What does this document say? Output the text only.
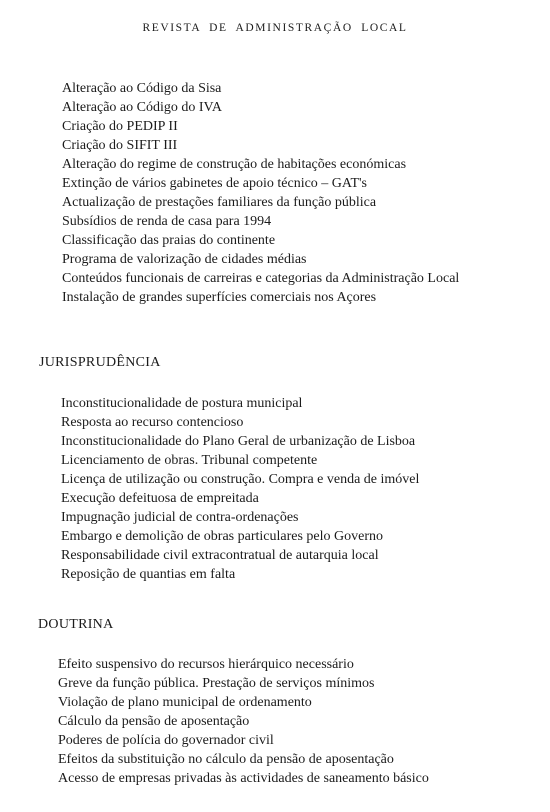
REVISTA DE ADMINISTRAÇÃO LOCAL
Alteração ao Código da Sisa
Alteração ao Código do IVA
Criação do PEDIP II
Criação do SIFIT III
Alteração do regime de construção de habitações económicas
Extinção de vários gabinetes de apoio técnico – GAT's
Actualização de prestações familiares da função pública
Subsídios de renda de casa para 1994
Classificação das praias do continente
Programa de valorização de cidades médias
Conteúdos funcionais de carreiras e categorias da Administração Local
Instalação de grandes superfícies comerciais nos Açores
JURISPRUDÊNCIA
Inconstitucionalidade de postura municipal
Resposta ao recurso contencioso
Inconstitucionalidade do Plano Geral de urbanização de Lisboa
Licenciamento de obras. Tribunal competente
Licença de utilização ou construção. Compra e venda de imóvel
Execução defeituosa de empreitada
Impugnação judicial de contra-ordenações
Embargo e demolição de obras particulares pelo Governo
Responsabilidade civil extracontratual de autarquia local
Reposição de quantias em falta
DOUTRINA
Efeito suspensivo do recursos hierárquico necessário
Greve da função pública. Prestação de serviços mínimos
Violação de plano municipal de ordenamento
Cálculo da pensão de aposentação
Poderes de polícia do governador civil
Efeitos da substituição no cálculo da pensão de aposentação
Acesso de empresas privadas às actividades de saneamento básico
